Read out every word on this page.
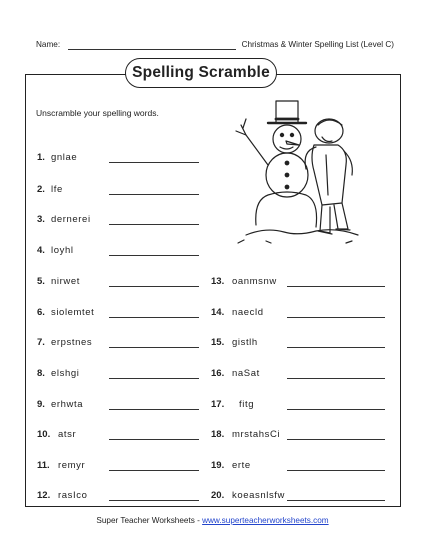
Name:	Christmas & Winter Spelling List (Level C)
Spelling Scramble
Unscramble your spelling words.
1. gnlae
2. lfe
3. dernerei
4. loyhl
5. nirwet
6. siolemtet
7. erpstnes
8. elshgi
9. erhwta
10. atsr
11. remyr
12. rasIco
13. oanmsnw
14. naecld
15. gistlh
16. naSat
17. fitg
18. mrstahsCi
19. erte
20. koeasnlsfw
Super Teacher Worksheets - www.superteacherworksheets.com
